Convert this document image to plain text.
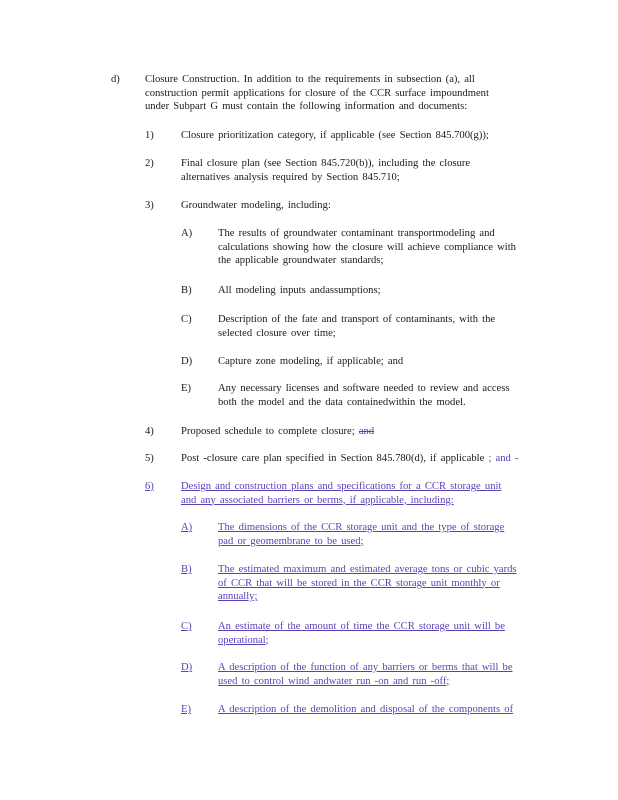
d) Closure Construction. In addition to the requirements in subsection (a), all
construction permit applications for closure of the CCR surface impoundment
under Subpart G must contain the following information and documents:
1)	Closure prioritization category, if applicable (see Section 845.700(g));
2)	Final closure plan (see Section 845.720(b)), including the closure
alternatives analysis required by Section 845.710;
3)	Groundwater modeling, including:
A) The results of groundwater contaminant transportmodeling and
calculations showing how the closure will achieve compliance with
the applicable groundwater standards;
B) All modeling inputs andassumptions;
C) Description of the fate and transport of contaminants, with the
selected closure over time;
D) Capture zone modeling, if applicable; and
E)	Any necessary licenses and software needed to review and access
both the model and the data containedwithin the model.
4)	Proposed schedule to complete closure; and
5)	Post -closure care plan specified in Section 845.780(d), if applicable ; and -
6)	Design and construction plans and specifications for a CCR storage unit
and any associated barriers or berms, if applicable, including:
A) The dimensions of the CCR storage unit and the type of storage
pad or geomembrane to be used;
B) The estimated maximum and estimated average tons or cubic yards
of CCR that will be stored in the CCR storage unit monthly or
annually;
C) An estimate of the amount of time the CCR storage unit will be
operational;
D) A description of the function of any barriers or berms that will be
used to control wind andwater run -on and run -off;
E)	A description of the demolition and disposal of the components of
